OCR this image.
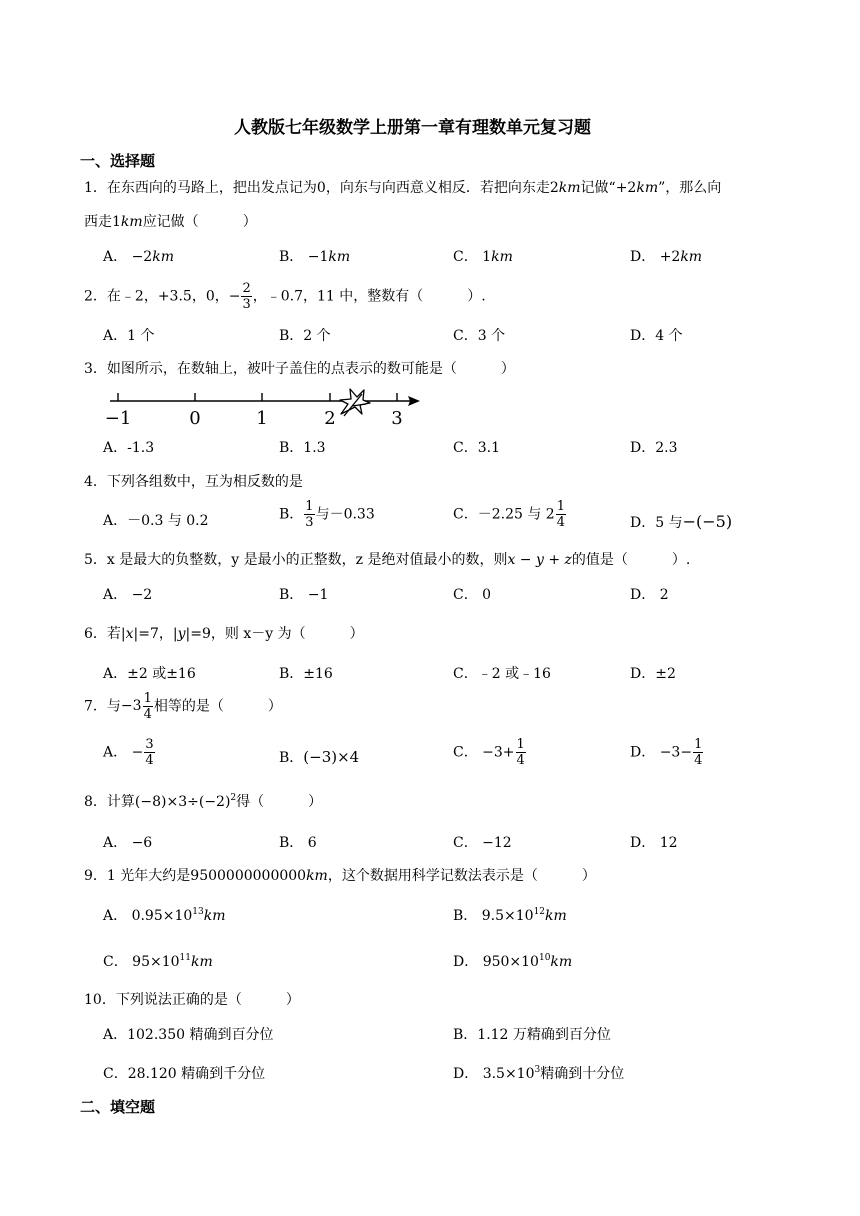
人教版七年级数学上册第一章有理数单元复习题
一、选择题
1．在东西向的马路上，把出发点记为0，向东与向西意义相反．若把向东走2km记做“+2km”，那么向
西走1km应记做（	）
A． −2km	B． −1km	C． 1km	D． +2km
2．在﹣2，+3.5，0，− $\frac{2}{3}$ ，﹣0.7，11 中，整数有（	）.
A．1 个	B．2 个	C．3 个	D．4 个
3．如图所示，在数轴上，被叶子盖住的点表示的数可能是（	）
−1	0	1	2	3
A．-1.3	B．1.3	C．3.1	D．2.3
4．下列各组数中，互为相反数的是
A．－0.3 与 0.2	B． $\frac{1}{3}$ 与－0.33	C．－2.25 与 $2 \frac{1}{4}$	D．5 与−(−5)
5．x 是最大的负整数，y 是最小的正整数，z 是绝对值最小的数，则x − y + z的值是（	）.
A． −2	B． −1	C． 0	D． 2
6．若|x|=7，|y|=9，则 x－y 为（	）
A．±2 或±16	B．±16	C．﹣2 或﹣16	D．±2
7．与 $-3 \frac{1}{4}$ 相等的是（	）
A． − $\frac{3}{4}$	B．(−3)×4	C． $-3+ \frac{1}{4}$	D． $-3- \frac{1}{4}$
8．计算$(-8)\times 3\div(-2)^2$得（	）
A． −6	B． 6	C． −12	D． 12
9．1 光年大约是9500000000000km，这个数据用科学记数法表示是（	）
A． $0.95\times 10^{13}km$	B． $9.5\times 10^{12}km$
C． $95\times 10^{11}km$	D． $950\times 10^{10}km$
10．下列说法正确的是（	）
A．102.350 精确到百分位	B．1.12 万精确到百分位
C．28.120 精确到千分位	D． $3.5\times 10^3$精确到十分位
二、填空题
